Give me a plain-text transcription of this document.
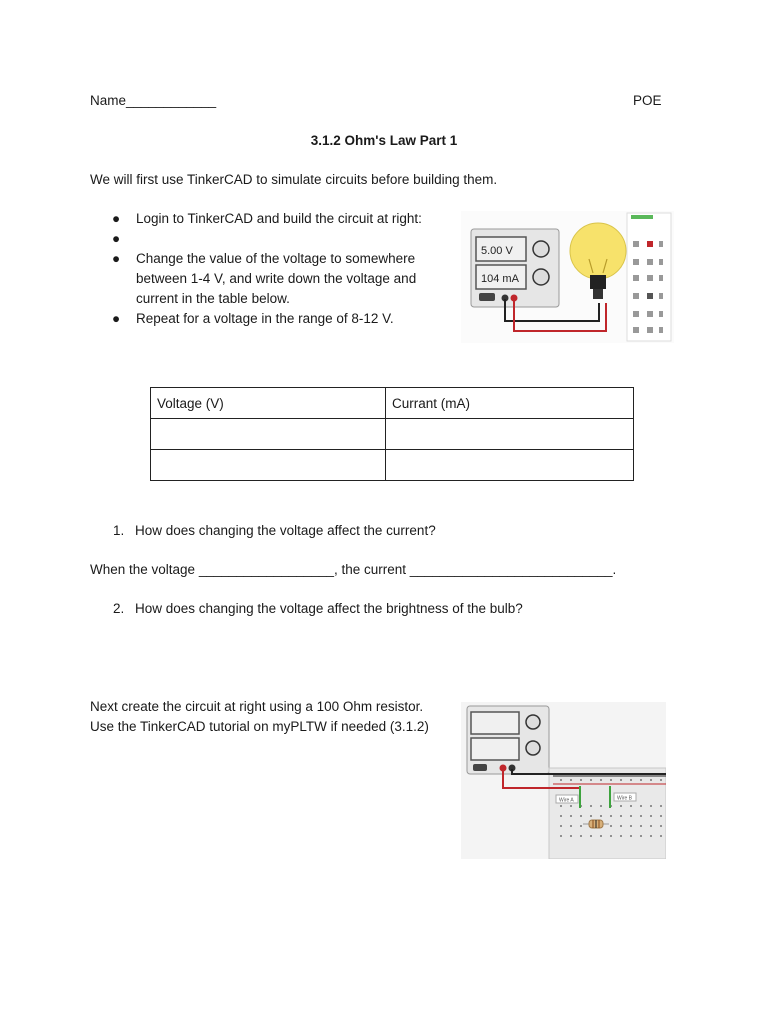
Name____________	POE
3.1.2 Ohm's Law Part 1
We will first use TinkerCAD to simulate circuits before building them.
● Login to TinkerCAD and build the circuit at right:
●

● Change the value of the voltage to somewhere between 1-4 V, and write down the voltage and current in the table below.
● Repeat for a voltage in the range of 8-12 V.
5.00 V
104 mA
Voltage (V)	Currant (mA)

1. How does changing the voltage affect the current?
When the voltage __________________, the current ___________________________.
2. How does changing the voltage affect the brightness of the bulb?
Next create the circuit at right using a 100 Ohm resistor.
Use the TinkerCAD tutorial on myPLTW if needed (3.1.2)
Wire A	Wire B
